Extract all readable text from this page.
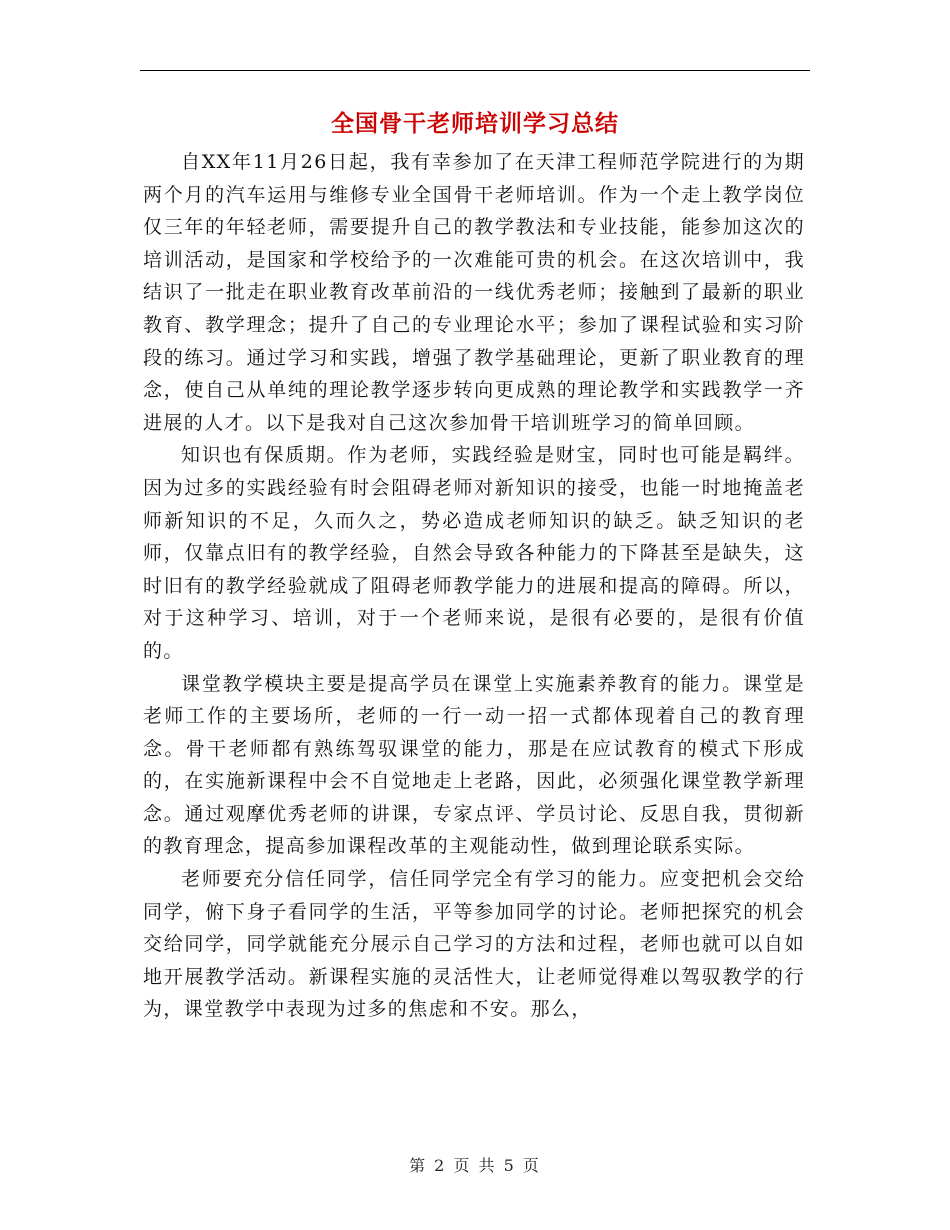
全国骨干老师培训学习总结

自XX年11月26日起，我有幸参加了在天津工程师范学院进行的为期两个月的汽车运用与维修专业全国骨干老师培训。作为一个走上教学岗位仅三年的年轻老师，需要提升自己的教学教法和专业技能，能参加这次的培训活动，是国家和学校给予的一次难能可贵的机会。在这次培训中，我结识了一批走在职业教育改革前沿的一线优秀老师；接触到了最新的职业教育、教学理念；提升了自己的专业理论水平；参加了课程试验和实习阶段的练习。通过学习和实践，增强了教学基础理论，更新了职业教育的理念，使自己从单纯的理论教学逐步转向更成熟的理论教学和实践教学一齐进展的人才。以下是我对自己这次参加骨干培训班学习的简单回顾。

知识也有保质期。作为老师，实践经验是财宝，同时也可能是羁绊。因为过多的实践经验有时会阻碍老师对新知识的接受，也能一时地掩盖老师新知识的不足，久而久之，势必造成老师知识的缺乏。缺乏知识的老师，仅靠点旧有的教学经验，自然会导致各种能力的下降甚至是缺失，这时旧有的教学经验就成了阻碍老师教学能力的进展和提高的障碍。所以，对于这种学习、培训，对于一个老师来说，是很有必要的，是很有价值的。

课堂教学模块主要是提高学员在课堂上实施素养教育的能力。课堂是老师工作的主要场所，老师的一行一动一招一式都体现着自己的教育理念。骨干老师都有熟练驾驭课堂的能力，那是在应试教育的模式下形成的，在实施新课程中会不自觉地走上老路，因此，必须强化课堂教学新理念。通过观摩优秀老师的讲课，专家点评、学员讨论、反思自我，贯彻新的教育理念，提高参加课程改革的主观能动性，做到理论联系实际。

老师要充分信任同学，信任同学完全有学习的能力。应变把机会交给同学，俯下身子看同学的生活，平等参加同学的讨论。老师把探究的机会交给同学，同学就能充分展示自己学习的方法和过程，老师也就可以自如地开展教学活动。新课程实施的灵活性大，让老师觉得难以驾驭教学的行为，课堂教学中表现为过多的焦虑和不安。那么，

第 2 页 共 5 页
